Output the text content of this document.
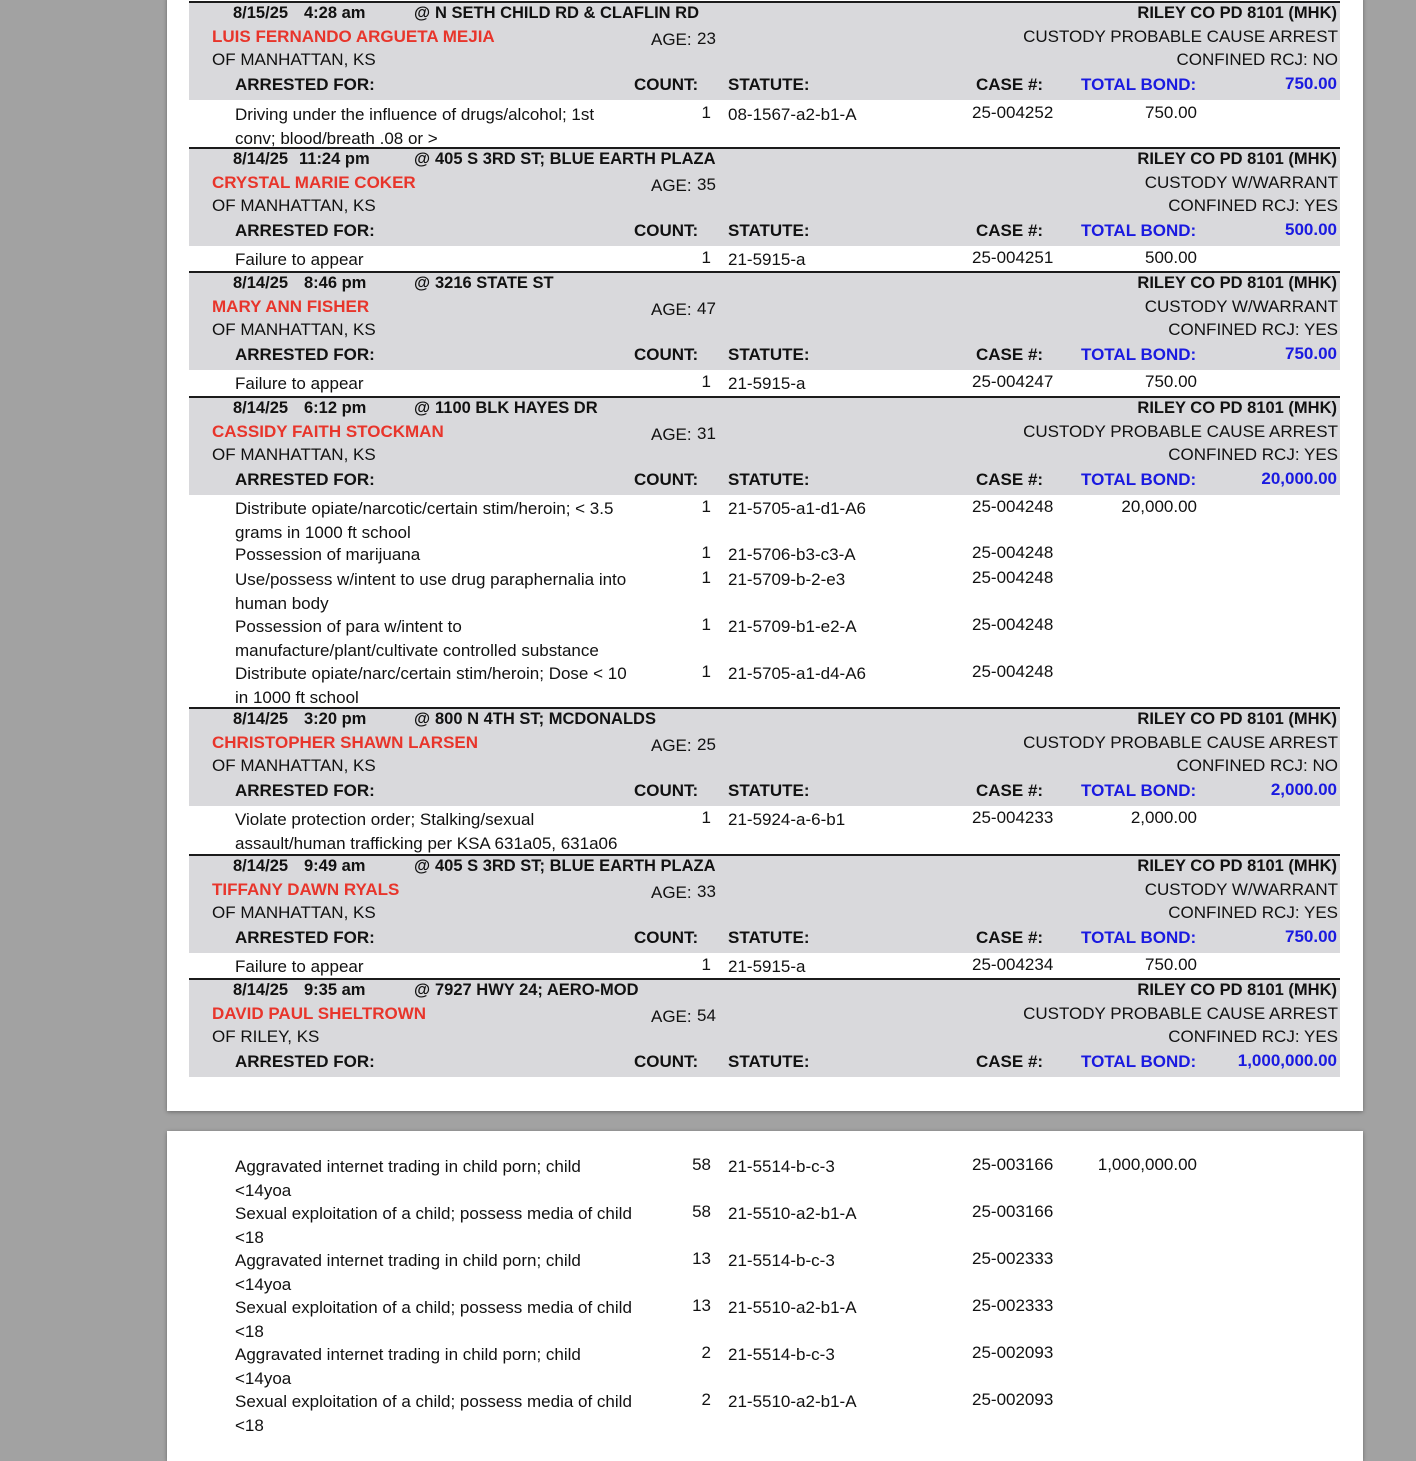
8/15/25 4:28 am	@ N SETH CHILD RD & CLAFLIN RD	RILEY CO PD 8101 (MHK)
LUIS FERNANDO ARGUETA MEJIA	AGE: 23	CUSTODY PROBABLE CAUSE ARREST
OF MANHATTAN, KS	CONFINED RCJ: NO
ARRESTED FOR:	COUNT: STATUTE:	CASE #: TOTAL BOND:	750.00
Driving under the influence of drugs/alcohol; 1st conv; blood/breath .08 or >
1 08-1567-a2-b1-A	25-004252	750.00
8/14/25 11:24 pm	@ 405 S 3RD ST; BLUE EARTH PLAZA	RILEY CO PD 8101 (MHK)
CRYSTAL MARIE COKER	AGE: 35	CUSTODY W/WARRANT
OF MANHATTAN, KS	CONFINED RCJ: YES
ARRESTED FOR:	COUNT: STATUTE:	CASE #: TOTAL BOND:	500.00
Failure to appear	1 21-5915-a	25-004251	500.00
8/14/25 8:46 pm	@ 3216 STATE ST	RILEY CO PD 8101 (MHK)
MARY ANN FISHER	AGE: 47	CUSTODY W/WARRANT
OF MANHATTAN, KS	CONFINED RCJ: YES
ARRESTED FOR:	COUNT: STATUTE:	CASE #: TOTAL BOND:	750.00
Failure to appear	1 21-5915-a	25-004247	750.00
8/14/25 6:12 pm	@ 1100 BLK HAYES DR	RILEY CO PD 8101 (MHK)
CASSIDY FAITH STOCKMAN	AGE: 31	CUSTODY PROBABLE CAUSE ARREST
OF MANHATTAN, KS	CONFINED RCJ: YES
ARRESTED FOR:	COUNT: STATUTE:	CASE #: TOTAL BOND:	20,000.00
Distribute opiate/narcotic/certain stim/heroin; < 3.5 grams in 1000 ft school
1 21-5705-a1-d1-A6	25-004248	20,000.00
Possession of marijuana	1 21-5706-b3-c3-A	25-004248
Use/possess w/intent to use drug paraphernalia into human body
1 21-5709-b-2-e3	25-004248
Possession of para w/intent to manufacture/plant/cultivate controlled substance
1 21-5709-b1-e2-A	25-004248
Distribute opiate/narc/certain stim/heroin; Dose < 10 in 1000 ft school
1 21-5705-a1-d4-A6	25-004248
8/14/25 3:20 pm	@ 800 N 4TH ST; MCDONALDS	RILEY CO PD 8101 (MHK)
CHRISTOPHER SHAWN LARSEN	AGE: 25	CUSTODY PROBABLE CAUSE ARREST
OF MANHATTAN, KS	CONFINED RCJ: NO
ARRESTED FOR:	COUNT: STATUTE:	CASE #: TOTAL BOND:	2,000.00
Violate protection order; Stalking/sexual assault/human trafficking per KSA 631a05, 631a06
1 21-5924-a-6-b1	25-004233	2,000.00
8/14/25 9:49 am	@ 405 S 3RD ST; BLUE EARTH PLAZA	RILEY CO PD 8101 (MHK)
TIFFANY DAWN RYALS	AGE: 33	CUSTODY W/WARRANT
OF MANHATTAN, KS	CONFINED RCJ: YES
ARRESTED FOR:	COUNT: STATUTE:	CASE #: TOTAL BOND:	750.00
Failure to appear	1 21-5915-a	25-004234	750.00
8/14/25 9:35 am	@ 7927 HWY 24; AERO-MOD	RILEY CO PD 8101 (MHK)
DAVID PAUL SHELTROWN	AGE: 54	CUSTODY PROBABLE CAUSE ARREST
OF RILEY, KS	CONFINED RCJ: YES
ARRESTED FOR:	COUNT: STATUTE:	CASE #: TOTAL BOND:	1,000,000.00
Aggravated internet trading in child porn; child <14yoa
58 21-5514-b-c-3	25-003166	1,000,000.00
Sexual exploitation of a child; possess media of child <18
58 21-5510-a2-b1-A	25-003166
Aggravated internet trading in child porn; child <14yoa
13 21-5514-b-c-3	25-002333
Sexual exploitation of a child; possess media of child <18
13 21-5510-a2-b1-A	25-002333
Aggravated internet trading in child porn; child <14yoa
2 21-5514-b-c-3	25-002093
Sexual exploitation of a child; possess media of child <18
2 21-5510-a2-b1-A	25-002093
